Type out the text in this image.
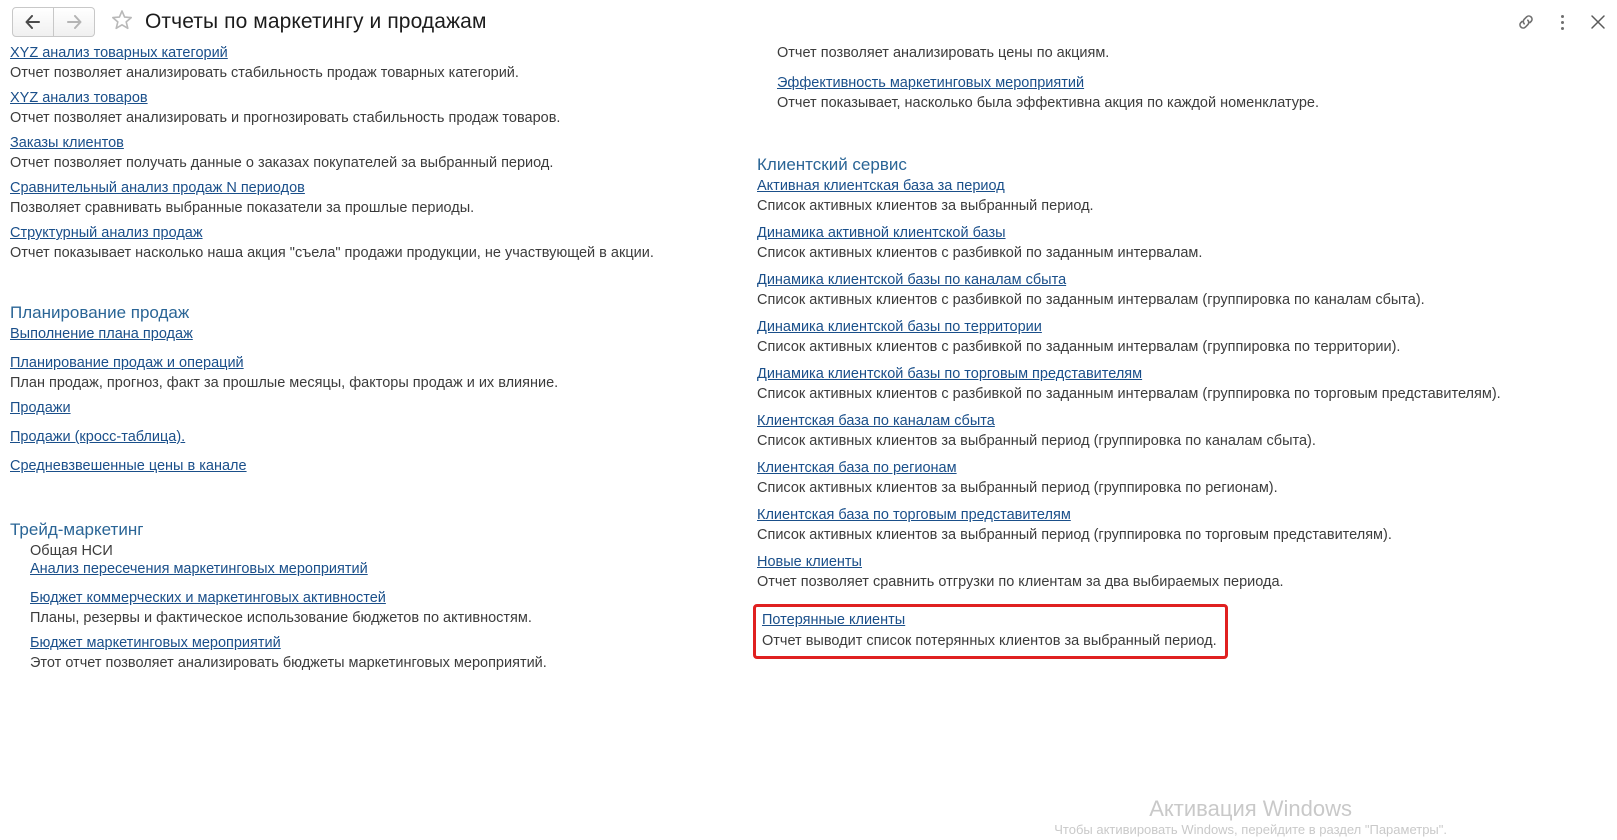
Отчеты по маркетингу и продажам
XYZ анализ товарных категорий

Отчет позволяет анализировать стабильность продаж товарных категорий.

XYZ анализ товаров

Отчет позволяет анализировать и прогнозировать стабильность продаж товаров.

Заказы клиентов

Отчет позволяет получать данные о заказах покупателей за выбранный период.

Сравнительный анализ продаж N периодов

Позволяет сравнивать выбранные показатели за прошлые периоды.

Структурный анализ продаж

Отчет показывает насколько наша акция "съела" продажи продукции, не участвующей в акции.

Планирование продаж
Выполнение плана продаж
Планирование продаж и операций

План продаж, прогноз, факт за прошлые месяцы, факторы продаж и их влияние.

Продажи
Продажи (кросс-таблица).
Средневзвешенные цены в канале
Трейд-маркетинг
Общая НСИ
Анализ пересечения маркетинговых мероприятий
Бюджет коммерческих и маркетинговых активностей

Планы, резервы и фактическое использование бюджетов по активностям.

Бюджет маркетинговых мероприятий

Этот отчет позволяет анализировать бюджеты маркетинговых мероприятий.

Отчет позволяет анализировать цены по акциям.

Эффективность маркетинговых мероприятий

Отчет показывает, насколько была эффективна акция по каждой номенклатуре.

Клиентский сервис
Активная клиентская база за период

Список активных клиентов за выбранный период.

Динамика активной клиентской базы

Список активных клиентов с разбивкой по заданным интервалам.

Динамика клиентской базы по каналам сбыта

Список активных клиентов с разбивкой по заданным интервалам (группировка по каналам сбыта).

Динамика клиентской базы по территории

Список активных клиентов с разбивкой по заданным интервалам (группировка по территории).

Динамика клиентской базы по торговым представителям

Список активных клиентов с разбивкой по заданным интервалам (группировка по торговым представителям).

Клиентская база по каналам сбыта

Список активных клиентов за выбранный период (группировка по каналам сбыта).

Клиентская база по регионам

Список активных клиентов за выбранный период (группировка по регионам).

Клиентская база по торговым представителям

Список активных клиентов за выбранный период (группировка по торговым представителям).

Новые клиенты

Отчет позволяет сравнить отгрузки по клиентам за два выбираемых периода.

Потерянные клиенты

Отчет выводит список потерянных клиентов за выбранный период.

Активация Windows
Чтобы активировать Windows, перейдите в раздел "Параметры".
